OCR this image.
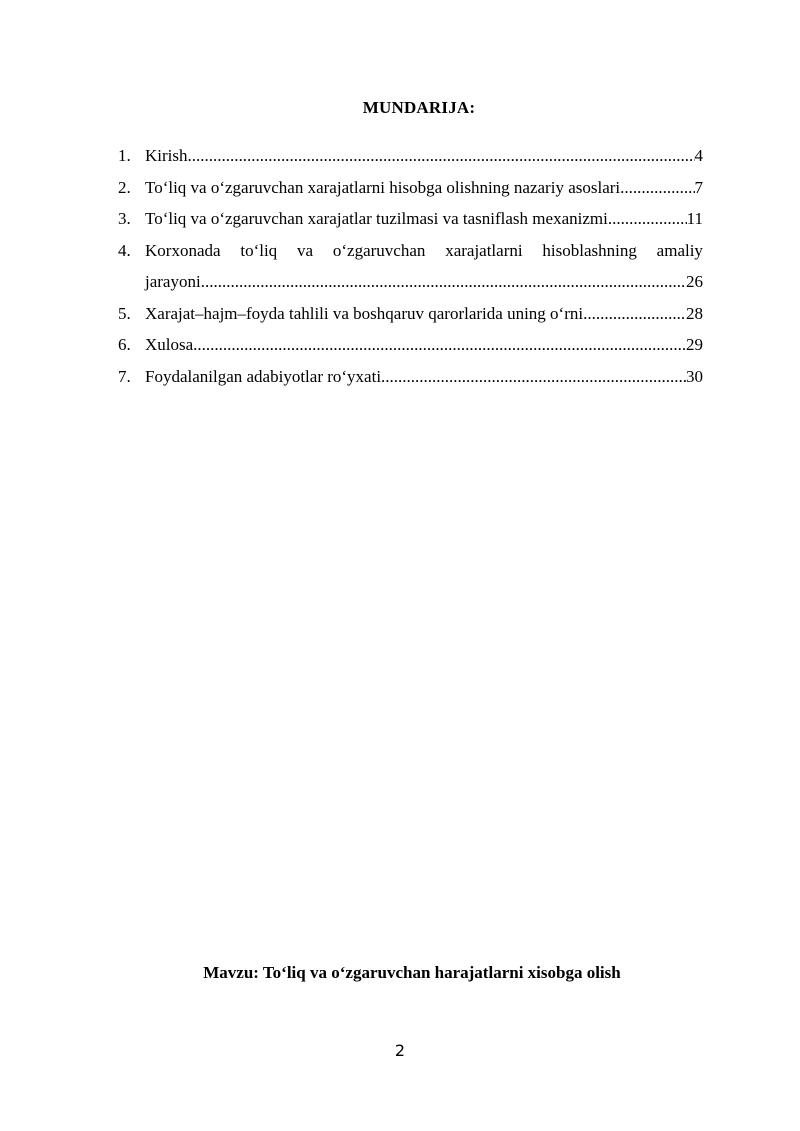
MUNDARIJA:
1. Kirish .....	4
2. To‘liq va o‘zgaruvchan xarajatlarni hisobga olishning nazariy asoslari .....	7
3. To‘liq va o‘zgaruvchan xarajatlar tuzilmasi va tasniflash mexanizmi .....	11
4. Korxonada to‘liq va o‘zgaruvchan xarajatlarni hisoblashning amaliy
jarayoni .....	26
5. Xarajat–hajm–foyda tahlili va boshqaruv qarorlarida uning o‘rni .....	28
6. Xulosa .....	29
7. Foydalanilgan adabiyotlar ro‘yxati .....	30
Mavzu: To‘liq va o‘zgaruvchan harajatlarni xisobga olish
2
